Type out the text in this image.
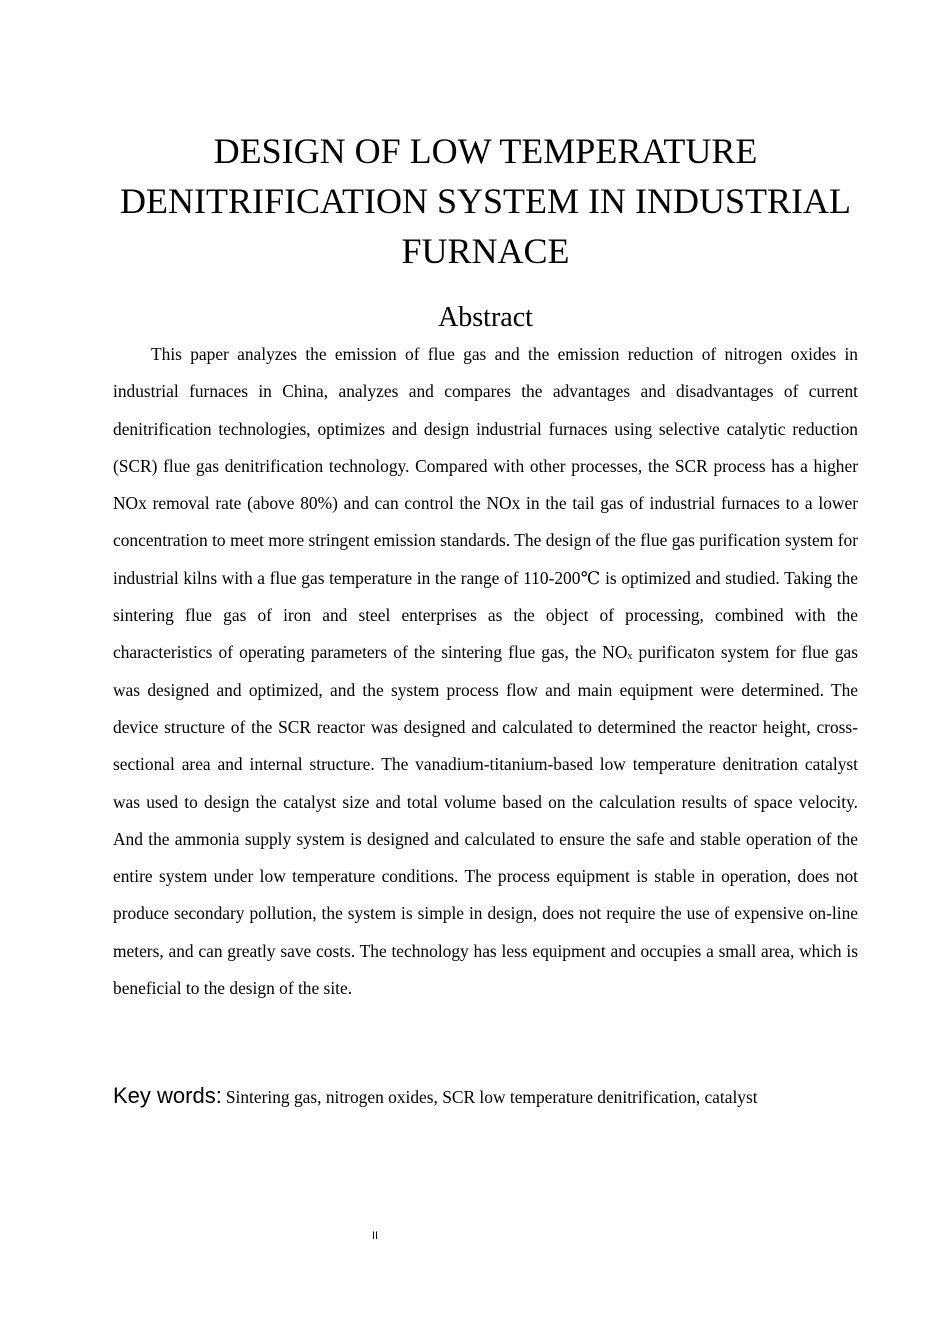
DESIGN OF LOW TEMPERATURE DENITRIFICATION SYSTEM IN INDUSTRIAL FURNACE
Abstract

This paper analyzes the emission of flue gas and the emission reduction of nitrogen oxides in industrial furnaces in China, analyzes and compares the advantages and disadvantages of current denitrification technologies, optimizes and design industrial furnaces using selective catalytic reduction (SCR) flue gas denitrification technology. Compared with other processes, the SCR process has a higher NOx removal rate (above 80%) and can control the NOx in the tail gas of industrial furnaces to a lower concentration to meet more stringent emission standards. The design of the flue gas purification system for industrial kilns with a flue gas temperature in the range of 110-200℃ is optimized and studied. Taking the sintering flue gas of iron and steel enterprises as the object of processing, combined with the characteristics of operating parameters of the sintering flue gas, the $NO_x$ purificaton system for flue gas was designed and optimized, and the system process flow and main equipment were determined. The device structure of the SCR reactor was designed and calculated to determined the reactor height, cross-sectional area and internal structure. The vanadium-titanium-based low temperature denitration catalyst was used to design the catalyst size and total volume based on the calculation results of space velocity. And the ammonia supply system is designed and calculated to ensure the safe and stable operation of the entire system under low temperature conditions. The process equipment is stable in operation, does not produce secondary pollution, the system is simple in design, does not require the use of expensive on-line meters, and can greatly save costs. The technology has less equipment and occupies a small area, which is beneficial to the design of the site.

Key words: Sintering gas, nitrogen oxides, SCR low temperature denitrification, catalyst

II
